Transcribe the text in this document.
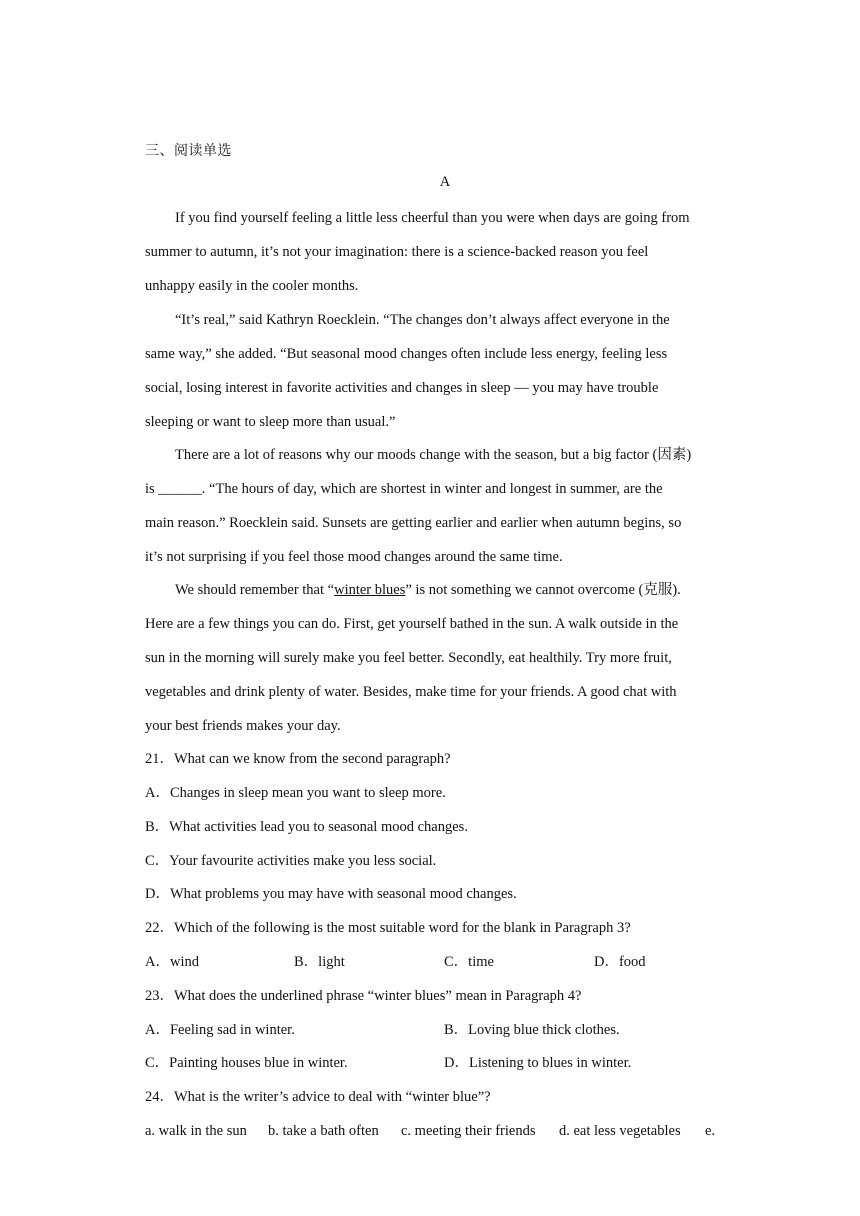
三、阅读单选
A
If you find yourself feeling a little less cheerful than you were when days are going from
summer to autumn, it’s not your imagination: there is a science-backed reason you feel
unhappy easily in the cooler months.
“It’s real,” said Kathryn Roecklein. “The changes don’t always affect everyone in the
same way,” she added. “But seasonal mood changes often include less energy, feeling less
social, losing interest in favorite activities and changes in sleep — you may have trouble
sleeping or want to sleep more than usual.”
There are a lot of reasons why our moods change with the season, but a big factor (因素)
is ______. “The hours of day, which are shortest in winter and longest in summer, are the
main reason.” Roecklein said. Sunsets are getting earlier and earlier when autumn begins, so
it’s not surprising if you feel those mood changes around the same time.
We should remember that “winter blues” is not something we cannot overcome (克服).
Here are a few things you can do. First, get yourself bathed in the sun. A walk outside in the
sun in the morning will surely make you feel better. Secondly, eat healthily. Try more fruit,
vegetables and drink plenty of water. Besides, make time for your friends. A good chat with
your best friends makes your day.
21．What can we know from the second paragraph?
A．Changes in sleep mean you want to sleep more.
B．What activities lead you to seasonal mood changes.
C．Your favourite activities make you less social.
D．What problems you may have with seasonal mood changes.
22．Which of the following is the most suitable word for the blank in Paragraph 3?
A．wind	B．light	C．time	D．food
23．What does the underlined phrase “winter blues” mean in Paragraph 4?
A．Feeling sad in winter.	B．Loving blue thick clothes.
C．Painting houses blue in winter.	D．Listening to blues in winter.
24．What is the writer’s advice to deal with “winter blue”?
a. walk in the sun b. take a bath often c. meeting their friends d. eat less vegetables e.
